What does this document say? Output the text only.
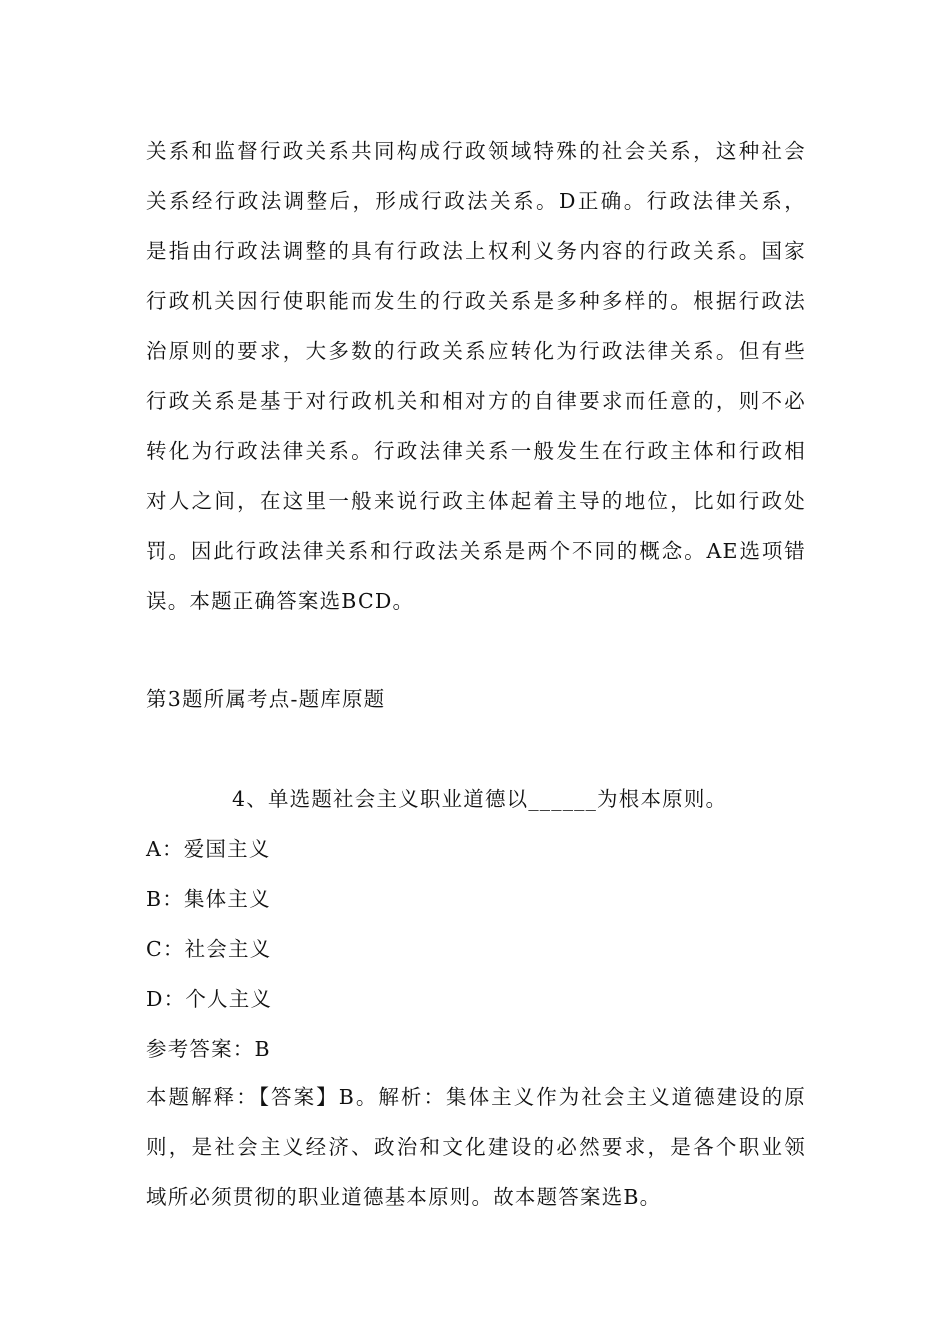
关系和监督行政关系共同构成行政领域特殊的社会关系，这种社会
关系经行政法调整后，形成行政法关系。D正确。行政法律关系，
是指由行政法调整的具有行政法上权利义务内容的行政关系。国家
行政机关因行使职能而发生的行政关系是多种多样的。根据行政法
治原则的要求，大多数的行政关系应转化为行政法律关系。但有些
行政关系是基于对行政机关和相对方的自律要求而任意的，则不必
转化为行政法律关系。行政法律关系一般发生在行政主体和行政相
对人之间，在这里一般来说行政主体起着主导的地位，比如行政处
罚。因此行政法律关系和行政法关系是两个不同的概念。AE选项错
误。本题正确答案选BCD。

第3题所属考点-题库原题

4、单选题社会主义职业道德以______为根本原则。

A：爱国主义

B：集体主义

C：社会主义

D：个人主义

参考答案：B

本题解释：【答案】B。解析：集体主义作为社会主义道德建设的原
则，是社会主义经济、政治和文化建设的必然要求，是各个职业领
域所必须贯彻的职业道德基本原则。故本题答案选B。
